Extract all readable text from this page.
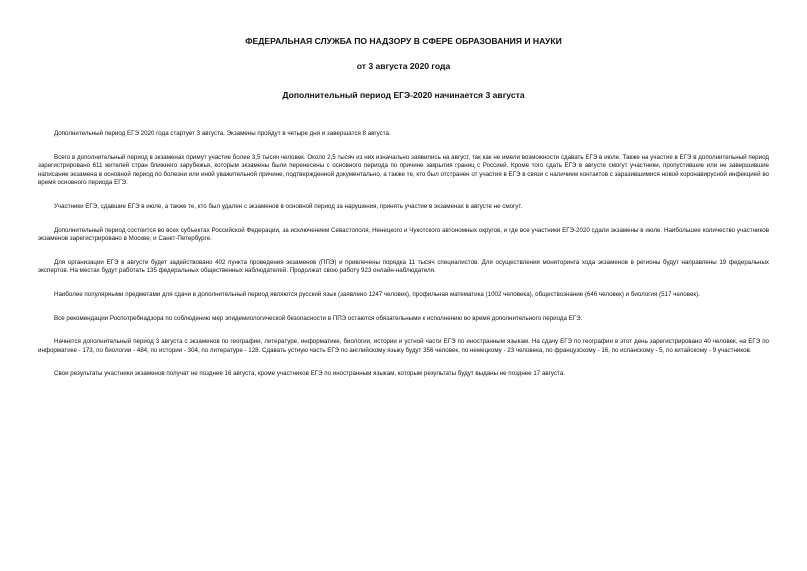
ФЕДЕРАЛЬНАЯ СЛУЖБА ПО НАДЗОРУ В СФЕРЕ ОБРАЗОВАНИЯ И НАУКИ

от 3 августа 2020 года

Дополнительный период ЕГЭ-2020 начинается 3 августа

Дополнительный период ЕГЭ 2020 года стартует 3 августа. Экзамены пройдут в четыре дня и завершатся 8 августа.

Всего в дополнительный период в экзаменах примут участие более 3,5 тысяч человек. Около 2,5 тысяч из них изначально заявились на август, так как не имели возможности сдавать ЕГЭ в июле. Также на участие в ЕГЭ в дополнительный период зарегистрировано 611 жителей стран ближнего зарубежья, которым экзамены были перенесены с основного периода по причине закрытия границ с Россией. Кроме того сдать ЕГЭ в августе смогут участники, пропустившие или не завершившие написание экзамена в основной период по болезни или иной уважительной причине, подтвержденной документально, а также те, кто был отстранен от участия в ЕГЭ в связи с наличием контактов с заразившимися новой коронавирусной инфекцией во время основного периода ЕГЭ.

Участники ЕГЭ, сдавшие ЕГЭ в июле, а также те, кто был удален с экзаменов в основной период за нарушения, принять участие в экзаменах в августе не смогут.

Дополнительный период состоится во всех субъектах Российской Федерации, за исключением Севастополя, Ненецкого и Чукотского автономных округов, и где все участники ЕГЭ-2020 сдали экзамены в июле. Наибольшее количество участников экзаменов зарегистрировано в Москве, и Санкт-Петербурге.

Для организации ЕГЭ в августе будет задействовано 402 пункта проведения экзаменов (ППЭ) и привлечены порядка 11 тысяч специалистов. Для осуществления мониторинга хода экзаменов в регионы будут направлены 19 федеральных экспертов. На местах будут работать 135 федеральных общественных наблюдателей. Продолжат свою работу 923 онлайн-наблюдателя.

Наиболее популярными предметами для сдачи в дополнительный период являются русский язык (заявлено 1247 человек), профильная математика (1002 человека), обществознание (646 человек) и биология (517 человек).

Все рекомендации Роспотребнадзора по соблюдению мер эпидемиологической безопасности в ППЭ остаются обязательными к исполнению во время дополнительного периода ЕГЭ.

Начнется дополнительный период 3 августа с экзаменов по географии, литературе, информатике, биологии, истории и устной части ЕГЭ по иностранным языкам. На сдачу ЕГЭ по географии в этот день зарегистрировано 40 человек, на ЕГЭ по информатике - 173, по биологии - 484, по истории - 304, по литературе - 128. Сдавать устную часть ЕГЭ по английскому языку будут 356 человек, по немецкому - 23 человека, по французскому - 16, по испанскому - 5, по китайскому - 9 участников.

Свои результаты участники экзаменов получат не позднее 16 августа, кроме участников ЕГЭ по иностранным языкам, которым результаты будут выданы не позднее 17 августа.
